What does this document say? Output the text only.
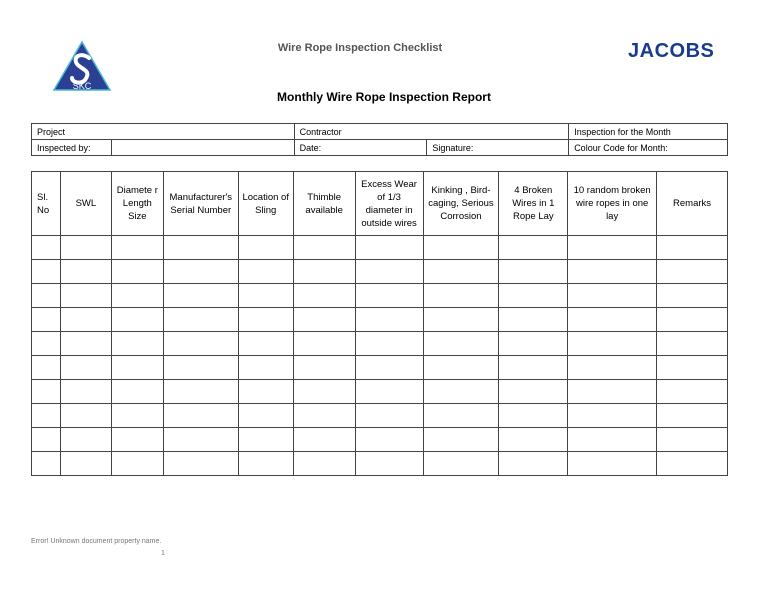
SKC
Wire Rope Inspection Checklist	JACOBS
Monthly Wire Rope Inspection Report
Project		Contractor		Inspection for the Month
Inspected by:		Date:	Signature:	Colour Code for Month:
Sl. No	SWL	Diamete r Length Size	Manufacturer's Serial Number	Location of Sling	Thimble available	Excess Wear of 1/3 diameter in outside wires	Kinking , Bird-caging, Serious Corrosion	4 Broken Wires in 1 Rope Lay	10 random broken wire ropes in one lay	Remarks

Error! Unknown document property name.
1
